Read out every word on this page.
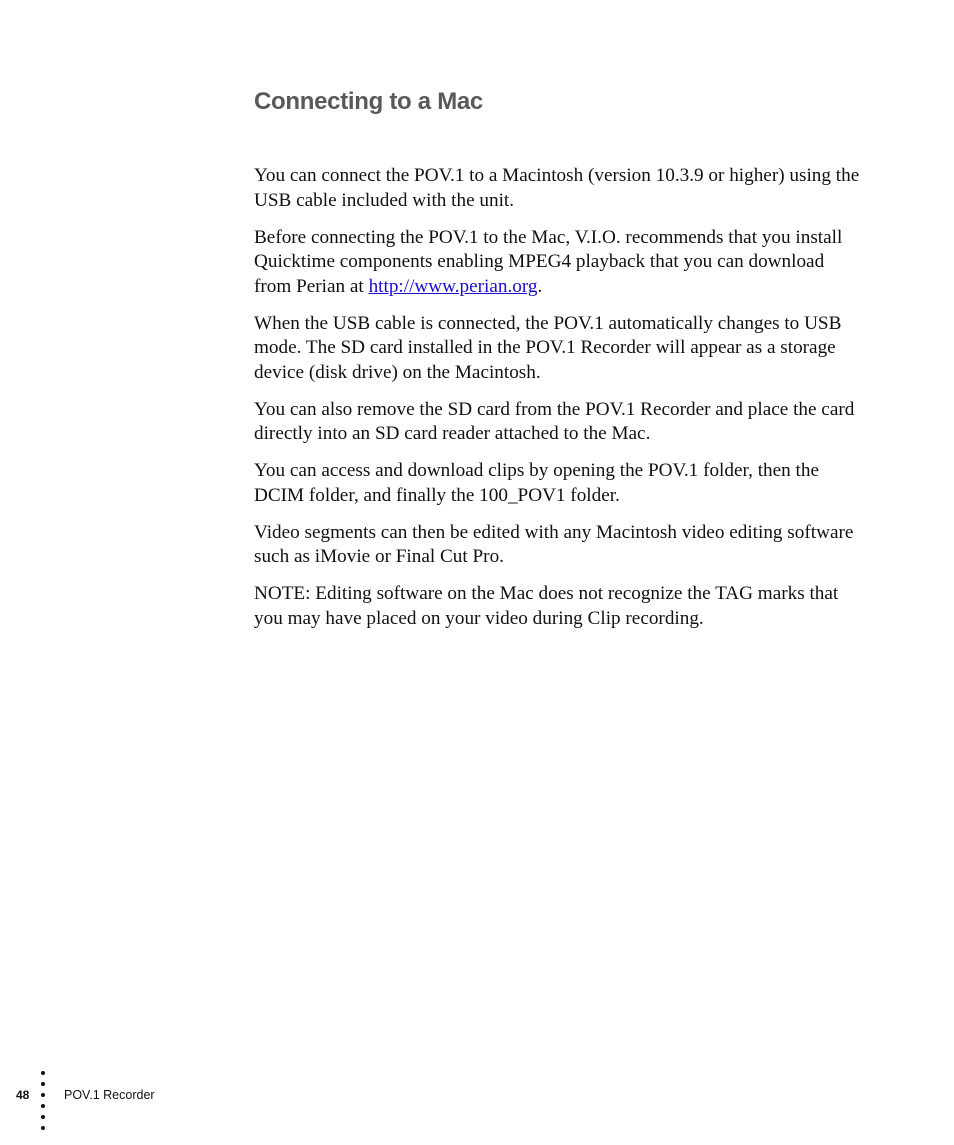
Connecting to a Mac

You can connect the POV.1 to a Macintosh (version 10.3.9 or higher) using the USB cable included with the unit.

Before connecting the POV.1 to the Mac, V.I.O. recommends that you install Quicktime components enabling MPEG4 playback that you can download from Perian at http://www.perian.org.

When the USB cable is connected, the POV.1 automatically changes to USB mode. The SD card installed in the POV.1 Recorder will appear as a storage device (disk drive) on the Macintosh.

You can also remove the SD card from the POV.1 Recorder and place the card directly into an SD card reader attached to the Mac.

You can access and download clips by opening the POV.1 folder, then the DCIM folder, and finally the 100_POV1 folder.

Video segments can then be edited with any Macintosh video editing software such as iMovie or Final Cut Pro.

NOTE: Editing software on the Mac does not recognize the TAG marks that you may have placed on your video during Clip recording.

48	POV.1 Recorder
